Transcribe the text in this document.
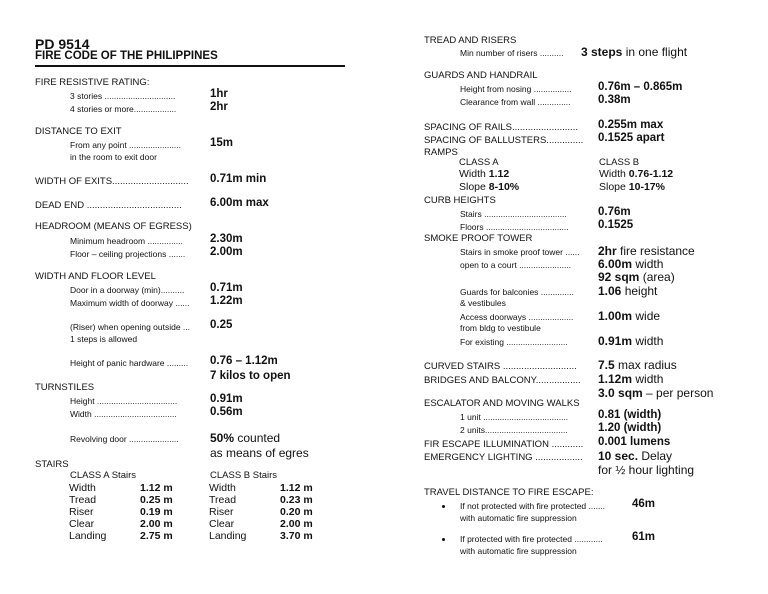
PD 9514
FIRE CODE OF THE PHILIPPINES
FIRE RESISTIVE RATING:
3 stories ..............................	1hr
4 stories or more..................	2hr
DISTANCE TO EXIT
From any point ......................	15m
in the room to exit door
WIDTH OF EXITS............................. 0.71m min
DEAD END .................................... 6.00m max
HEADROOM (MEANS OF EGRESS)
Minimum headroom ............... 2.30m
Floor – ceiling projections ....... 2.00m
WIDTH AND FLOOR LEVEL
Door in a doorway (min).......... 0.71m
Maximum width of doorway ...... 1.22m
(Riser) when opening outside ... 0.25
1 steps is allowed
Height of panic hardware ......... 0.76 – 1.12m
7 kilos to open
TURNSTILES
Height ..................................	0.91m
Width ...................................	0.56m
Revolving door .....................	50% counted
as means of egres
STAIRS
CLASS A Stairs	CLASS B Stairs
Width	1.12 m	Width	1.12 m
Tread	0.25 m	Tread	0.23 m
Riser	0.19 m	Riser	0.20 m
Clear	2.00 m	Clear	2.00 m
Landing	2.75 m	Landing	3.70 m
TREAD AND RISERS
Min number of risers .......... 3 steps in one flight
GUARDS AND HANDRAIL
Height from nosing ................ 0.76m – 0.865m
Clearance from wall .............. 0.38m
SPACING OF RAILS......................... 0.255m max
SPACING OF BALLUSTERS.............. 0.1525 apart
RAMPS
CLASS A	CLASS B
Width 1.12	Width 0.76-1.12
Slope 8-10%	Slope 10-17%
CURB HEIGHTS
Stairs ...................................	0.76m
Floors ...................................	0.1525
SMOKE PROOF TOWER
Stairs in smoke proof tower ...... 2hr fire resistance
open to a court ...................... 6.00m width
92 sqm (area)
Guards for balconies .............. 1.06 height
& vestibules
Access doorways ................... 1.00m wide
from bldg to vestibule
For existing ..........................	0.91m width
CURVED STAIRS ............................ 7.5 max radius
BRIDGES AND BALCONY................. 1.12m width
3.0 sqm – per person
ESCALATOR AND MOVING WALKS
1 unit ....................................	0.81 (width)
2 units...................................	1.20 (width)
FIR ESCAPE ILLUMINATION ............ 0.001 lumens
EMERGENCY LIGHTING .................. 10 sec. Delay
for ½ hour lighting
TRAVEL DISTANCE TO FIRE ESCAPE:
If not protected with fire protected ....... 46m
with automatic fire suppression
If protected with fire protected ............	61m
with automatic fire suppression
